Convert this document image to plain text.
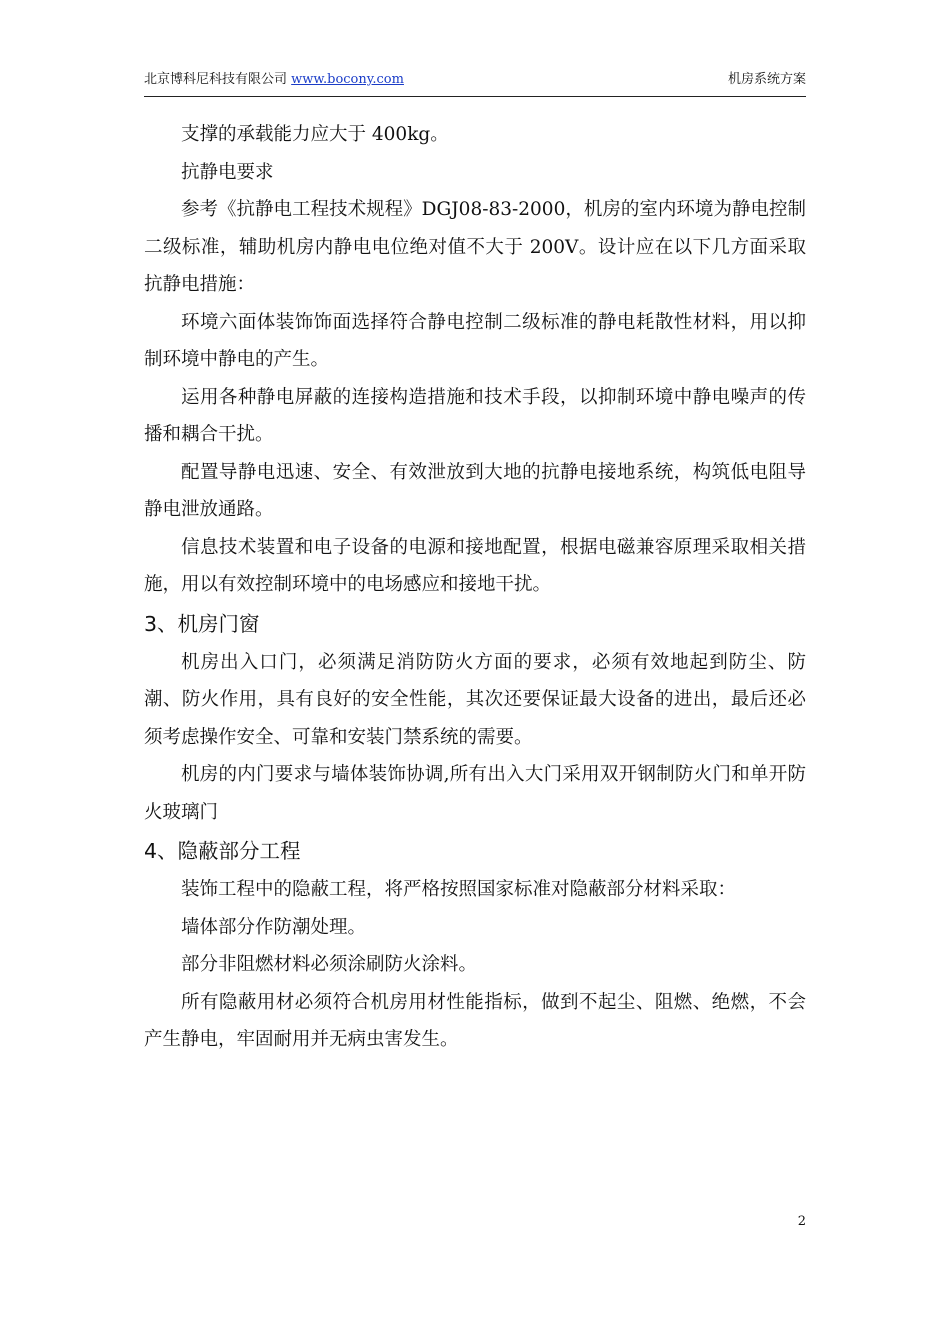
北京博科尼科技有限公司 www.bocony.com	机房系统方案

支撑的承载能力应大于 400kg。

抗静电要求

参考《抗静电工程技术规程》DGJ08-83-2000，机房的室内环境为静电控制二级标准，辅助机房内静电电位绝对值不大于 200V。设计应在以下几方面采取抗静电措施：

环境六面体装饰饰面选择符合静电控制二级标准的静电耗散性材料，用以抑制环境中静电的产生。

运用各种静电屏蔽的连接构造措施和技术手段，以抑制环境中静电噪声的传播和耦合干扰。

配置导静电迅速、安全、有效泄放到大地的抗静电接地系统，构筑低电阻导静电泄放通路。

信息技术装置和电子设备的电源和接地配置，根据电磁兼容原理采取相关措施，用以有效控制环境中的电场感应和接地干扰。

3、机房门窗

机房出入口门，必须满足消防防火方面的要求，必须有效地起到防尘、防潮、防火作用，具有良好的安全性能，其次还要保证最大设备的进出，最后还必须考虑操作安全、可靠和安装门禁系统的需要。

机房的内门要求与墙体装饰协调,所有出入大门采用双开钢制防火门和单开防火玻璃门

4、隐蔽部分工程

装饰工程中的隐蔽工程，将严格按照国家标准对隐蔽部分材料采取：

墙体部分作防潮处理。

部分非阻燃材料必须涂刷防火涂料。

所有隐蔽用材必须符合机房用材性能指标，做到不起尘、阻燃、绝燃，不会产生静电，牢固耐用并无病虫害发生。

2
